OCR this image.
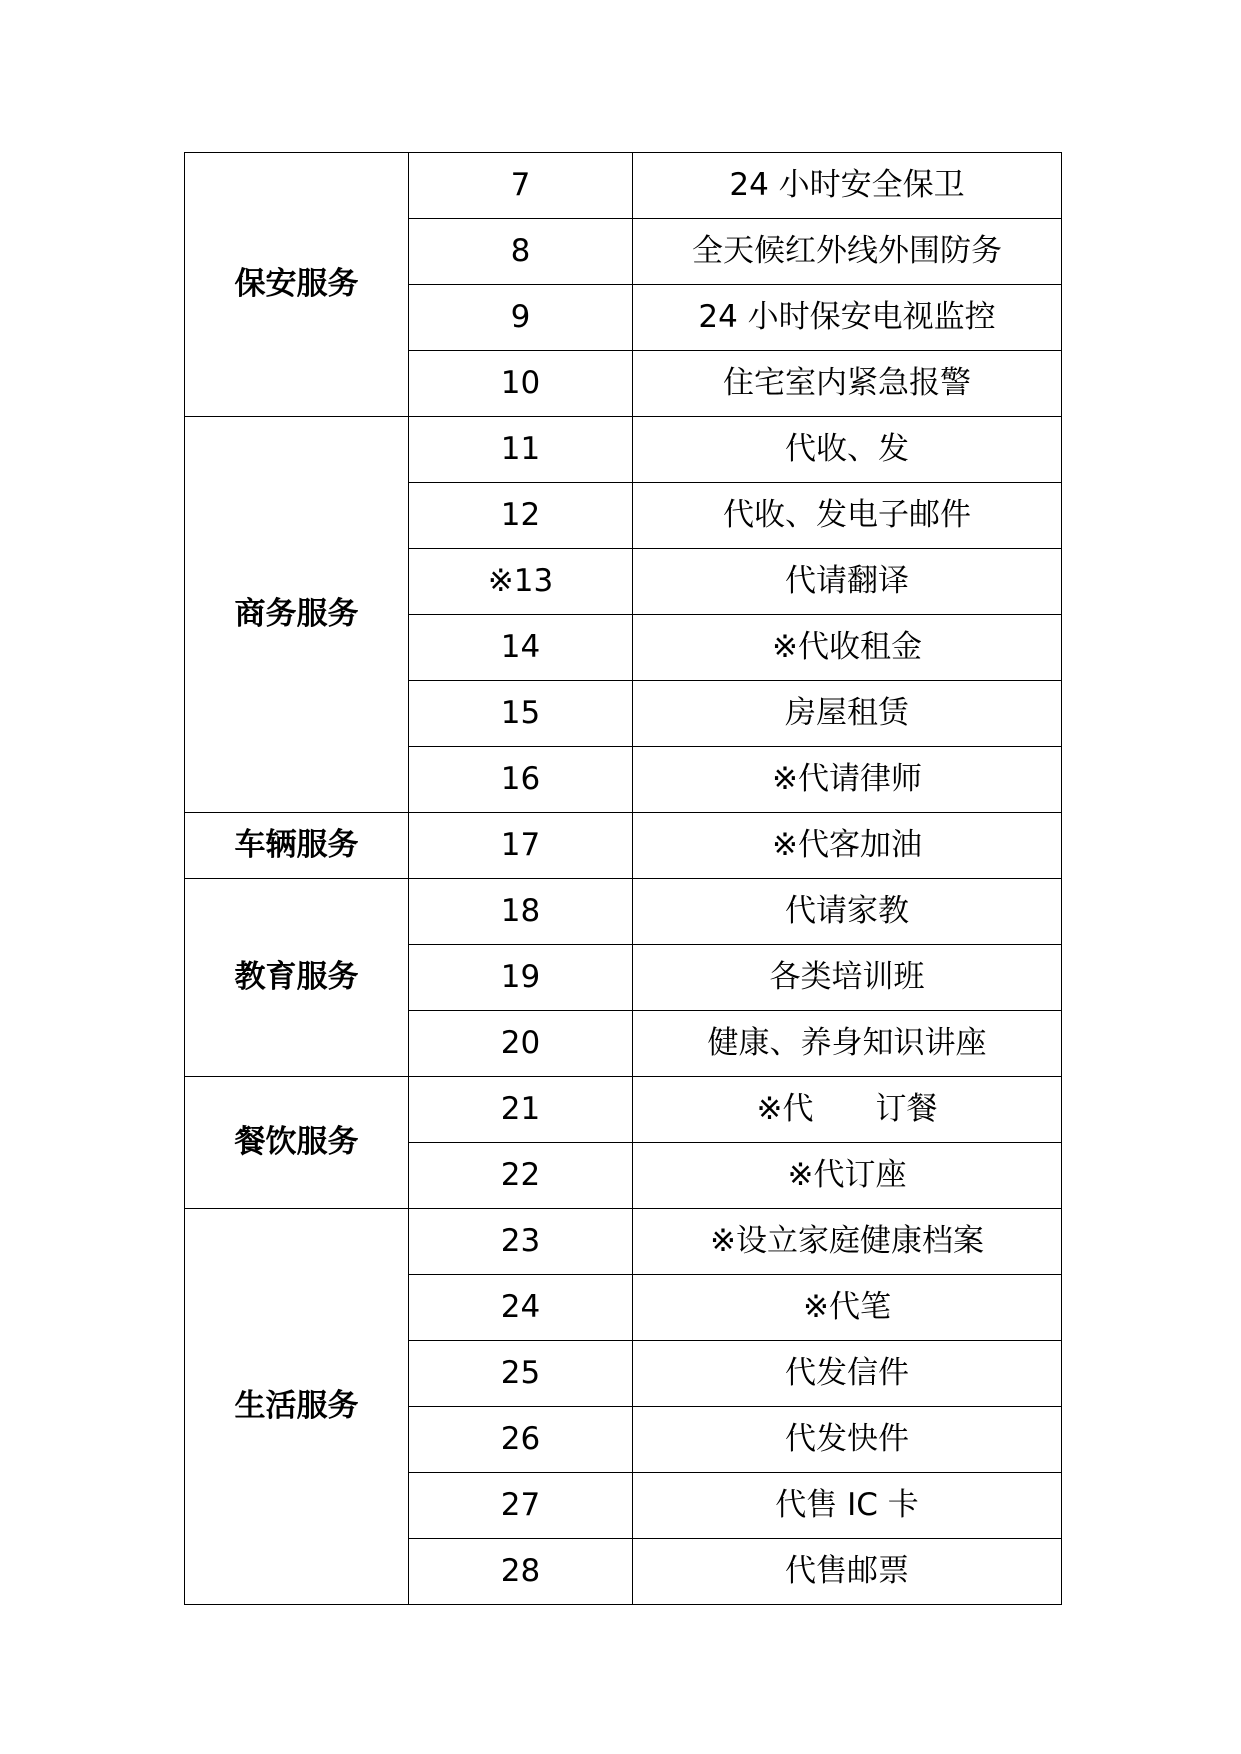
保安服务	7	24 小时安全保卫
	8	全天候红外线外围防务
	9	24 小时保安电视监控
	10	住宅室内紧急报警
商务服务	11	代收、发
	12	代收、发电子邮件
	※13	代请翻译
	14	※代收租金
	15	房屋租赁
	16	※代请律师
车辆服务	17	※代客加油
教育服务	18	代请家教
	19	各类培训班
	20	健康、养身知识讲座
餐饮服务	21	※代　　订餐
	22	※代订座
生活服务	23	※设立家庭健康档案
	24	※代笔
	25	代发信件
	26	代发快件
	27	代售 IC 卡
	28	代售邮票
